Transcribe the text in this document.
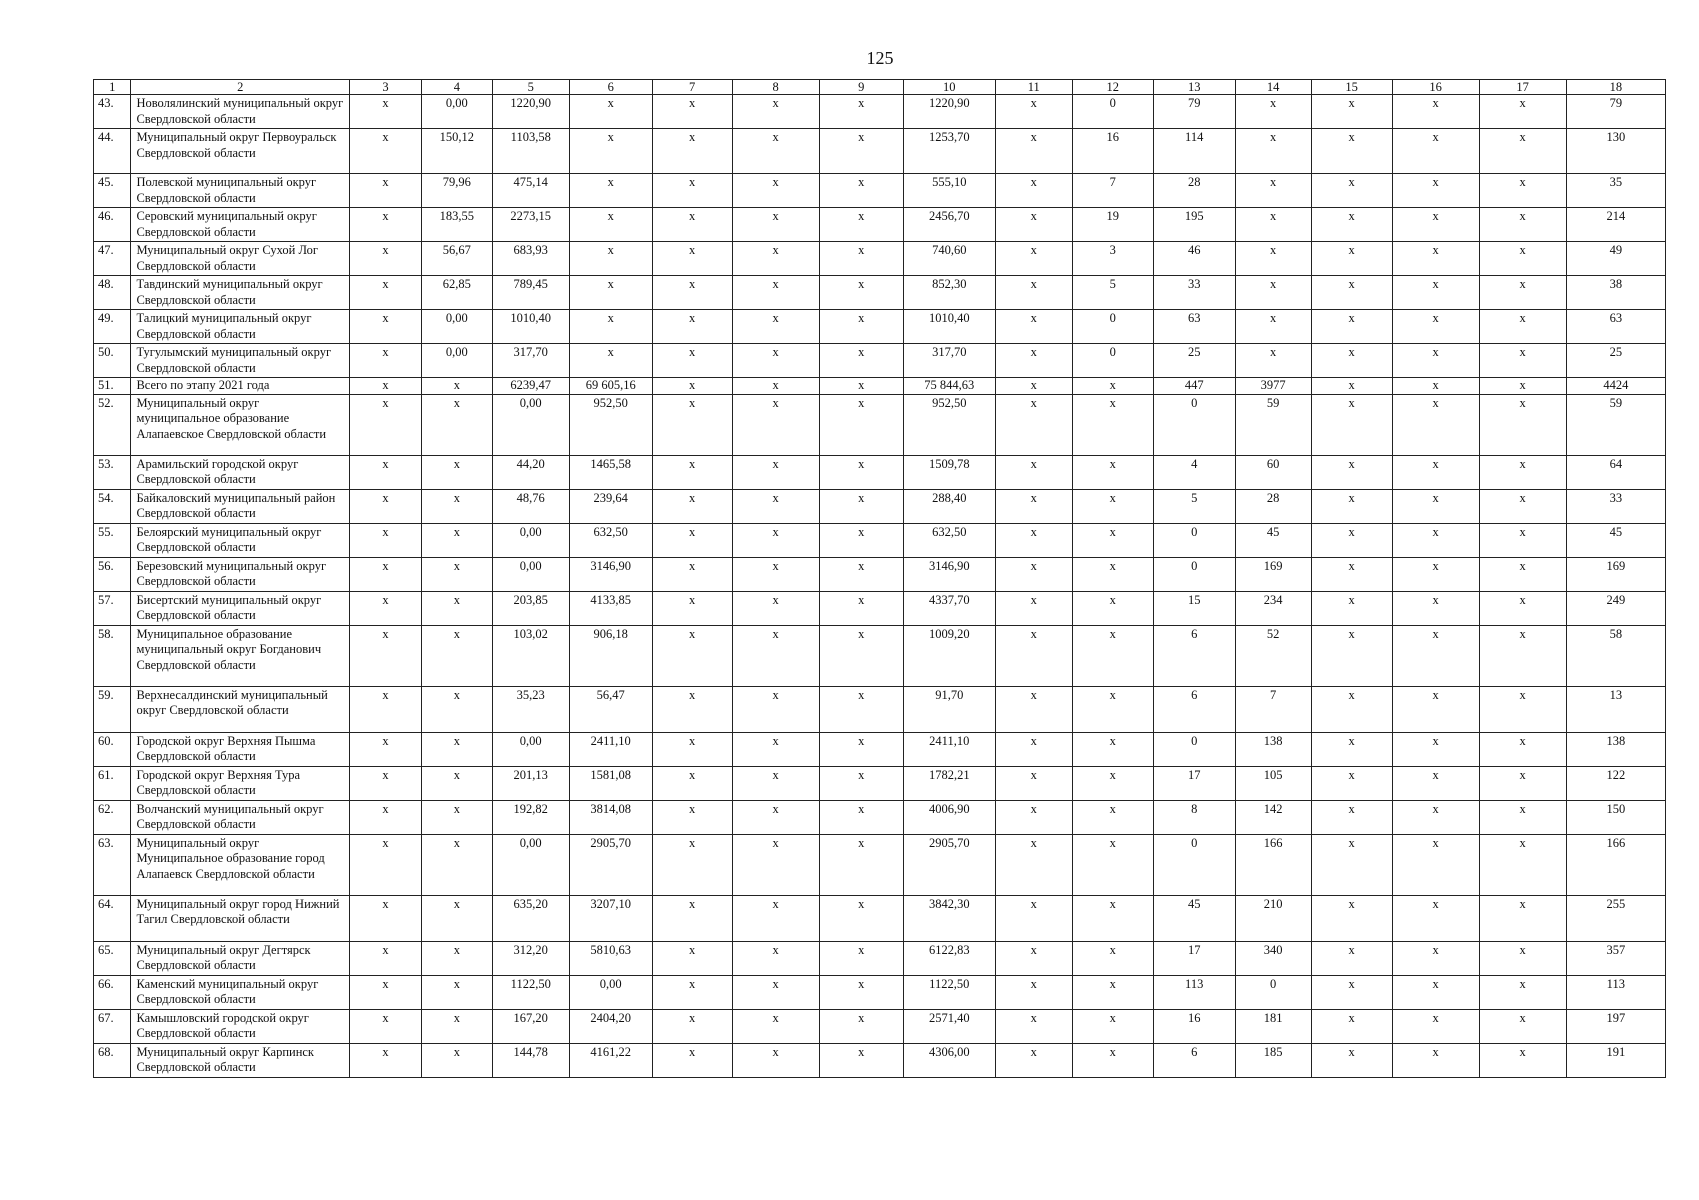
125
1	2	3	4	5	6	7	8	9	10	11	12	13	14	15	16	17	18
43.	Новолялинский муниципальный округ Свердловской области	x	0,00	1220,90	x	x	x	x	1220,90	x	0	79	x	x	x	x	79
44.	Муниципальный округ Первоуральск Свердловской области	x	150,12	1103,58	x	x	x	x	1253,70	x	16	114	x	x	x	x	130
45.	Полевской муниципальный округ Свердловской области	x	79,96	475,14	x	x	x	x	555,10	x	7	28	x	x	x	x	35
46.	Серовский муниципальный округ Свердловской области	x	183,55	2273,15	x	x	x	x	2456,70	x	19	195	x	x	x	x	214
47.	Муниципальный округ Сухой Лог Свердловской области	x	56,67	683,93	x	x	x	x	740,60	x	3	46	x	x	x	x	49
48.	Тавдинский муниципальный округ Свердловской области	x	62,85	789,45	x	x	x	x	852,30	x	5	33	x	x	x	x	38
49.	Талицкий муниципальный округ Свердловской области	x	0,00	1010,40	x	x	x	x	1010,40	x	0	63	x	x	x	x	63
50.	Тугулымский муниципальный округ Свердловской области	x	0,00	317,70	x	x	x	x	317,70	x	0	25	x	x	x	x	25
51.	Всего по этапу 2021 года	x	x	6239,47	69 605,16	x	x	x	75 844,63	x	x	447	3977	x	x	x	4424
52.	Муниципальный округ муниципальное образование Алапаевское Свердловской области	x	x	0,00	952,50	x	x	x	952,50	x	x	0	59	x	x	x	59
53.	Арамильский городской округ Свердловской области	x	x	44,20	1465,58	x	x	x	1509,78	x	x	4	60	x	x	x	64
54.	Байкаловский муниципальный район Свердловской области	x	x	48,76	239,64	x	x	x	288,40	x	x	5	28	x	x	x	33
55.	Белоярский муниципальный округ Свердловской области	x	x	0,00	632,50	x	x	x	632,50	x	x	0	45	x	x	x	45
56.	Березовский муниципальный округ Свердловской области	x	x	0,00	3146,90	x	x	x	3146,90	x	x	0	169	x	x	x	169
57.	Бисертский муниципальный округ Свердловской области	x	x	203,85	4133,85	x	x	x	4337,70	x	x	15	234	x	x	x	249
58.	Муниципальное образование муниципальный округ Богданович Свердловской области	x	x	103,02	906,18	x	x	x	1009,20	x	x	6	52	x	x	x	58
59.	Верхнесалдинский муниципальный округ Свердловской области	x	x	35,23	56,47	x	x	x	91,70	x	x	6	7	x	x	x	13
60.	Городской округ Верхняя Пышма Свердловской области	x	x	0,00	2411,10	x	x	x	2411,10	x	x	0	138	x	x	x	138
61.	Городской округ Верхняя Тура Свердловской области	x	x	201,13	1581,08	x	x	x	1782,21	x	x	17	105	x	x	x	122
62.	Волчанский муниципальный округ Свердловской области	x	x	192,82	3814,08	x	x	x	4006,90	x	x	8	142	x	x	x	150
63.	Муниципальный округ Муниципальное образование город Алапаевск Свердловской области	x	x	0,00	2905,70	x	x	x	2905,70	x	x	0	166	x	x	x	166
64.	Муниципальный округ город Нижний Тагил Свердловской области	x	x	635,20	3207,10	x	x	x	3842,30	x	x	45	210	x	x	x	255
65.	Муниципальный округ Дегтярск Свердловской области	x	x	312,20	5810,63	x	x	x	6122,83	x	x	17	340	x	x	x	357
66.	Каменский муниципальный округ Свердловской области	x	x	1122,50	0,00	x	x	x	1122,50	x	x	113	0	x	x	x	113
67.	Камышловский городской округ Свердловской области	x	x	167,20	2404,20	x	x	x	2571,40	x	x	16	181	x	x	x	197
68.	Муниципальный округ Карпинск Свердловской области	x	x	144,78	4161,22	x	x	x	4306,00	x	x	6	185	x	x	x	191
